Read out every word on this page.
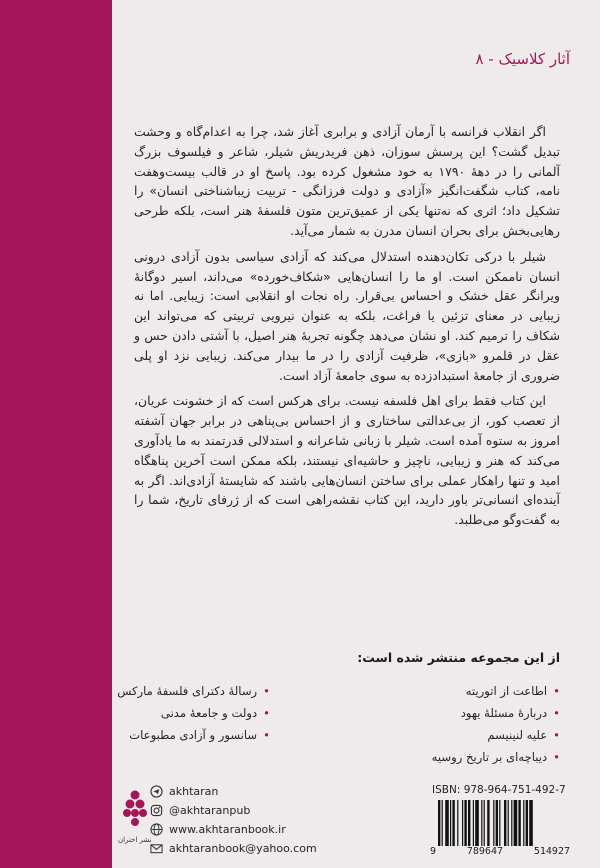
آثار کلاسیک - ۸

اگر انقلاب فرانسه با آرمان آزادی و برابری آغاز شد، چرا به اعدام‌گاه و وحشت تبدیل گشت؟ این پرسش سوزان، ذهن فریدریش شیلر، شاعر و فیلسوف بزرگ آلمانی را در دههٔ ۱۷۹۰ به خود مشغول کرده بود. پاسخ او در قالب بیست‌وهفت نامه، کتاب شگفت‌انگیز «آزادی و دولت فرزانگی - تربیت زیباشناختی انسان» را تشکیل داد؛ اثری که نه‌تنها یکی از عمیق‌ترین متون فلسفهٔ هنر است، بلکه طرحی رهایی‌بخش برای بحران انسان مدرن به شمار می‌آید.

شیلر با درکی تکان‌دهنده استدلال می‌کند که آزادی سیاسی بدون آزادی درونی انسان ناممکن است. او ما را انسان‌هایی «شکاف‌خورده» می‌داند، اسیر دوگانهٔ ویرانگر عقل خشک و احساس بی‌قرار. راه نجات او انقلابی است: زیبایی. اما نه زیبایی در معنای تزئین یا فراغت، بلکه به عنوان نیرویی تربیتی که می‌تواند این شکاف را ترمیم کند. او نشان می‌دهد چگونه تجربهٔ هنر اصیل، با آشتی دادن حس و عقل در قلمرو «بازی»، ظرفیت آزادی را در ما بیدار می‌کند. زیبایی نزد او پلی ضروری از جامعهٔ استبدادزده به سوی جامعهٔ آزاد است.

این کتاب فقط برای اهل فلسفه نیست. برای هرکس است که از خشونت عریان، از تعصب کور، از بی‌عدالتی ساختاری و از احساس بی‌پناهی در برابر جهان آشفته امروز به ستوه آمده است. شیلر با زبانی شاعرانه و استدلالی قدرتمند به ما یادآوری می‌کند که هنر و زیبایی، ناچیز و حاشیه‌ای نیستند، بلکه ممکن است آخرین پناهگاه امید و تنها راهکار عملی برای ساختن انسان‌هایی باشند که شایستهٔ آزادی‌اند. اگر به آینده‌ای انسانی‌تر باور دارید، این کتاب نقشه‌راهی است که از ژرفای تاریخ، شما را به گفت‌وگو می‌طلبد.

از این مجموعه منتشر شده است:
• اطاعت از اتوریته
• دربارهٔ مسئلهٔ یهود
• علیه لنینیسم
• دیباچه‌ای بر تاریخ روسیه
• رسالهٔ دکترای فلسفهٔ مارکس
• دولت و جامعهٔ مدنی
• سانسور و آزادی مطبوعات
نشر اختران
akhtaran
@akhtaranpub
www.akhtaranbook.ir
akhtaranbook@yahoo.com
ISBN: 978-964-751-492-7
9	789647	514927
